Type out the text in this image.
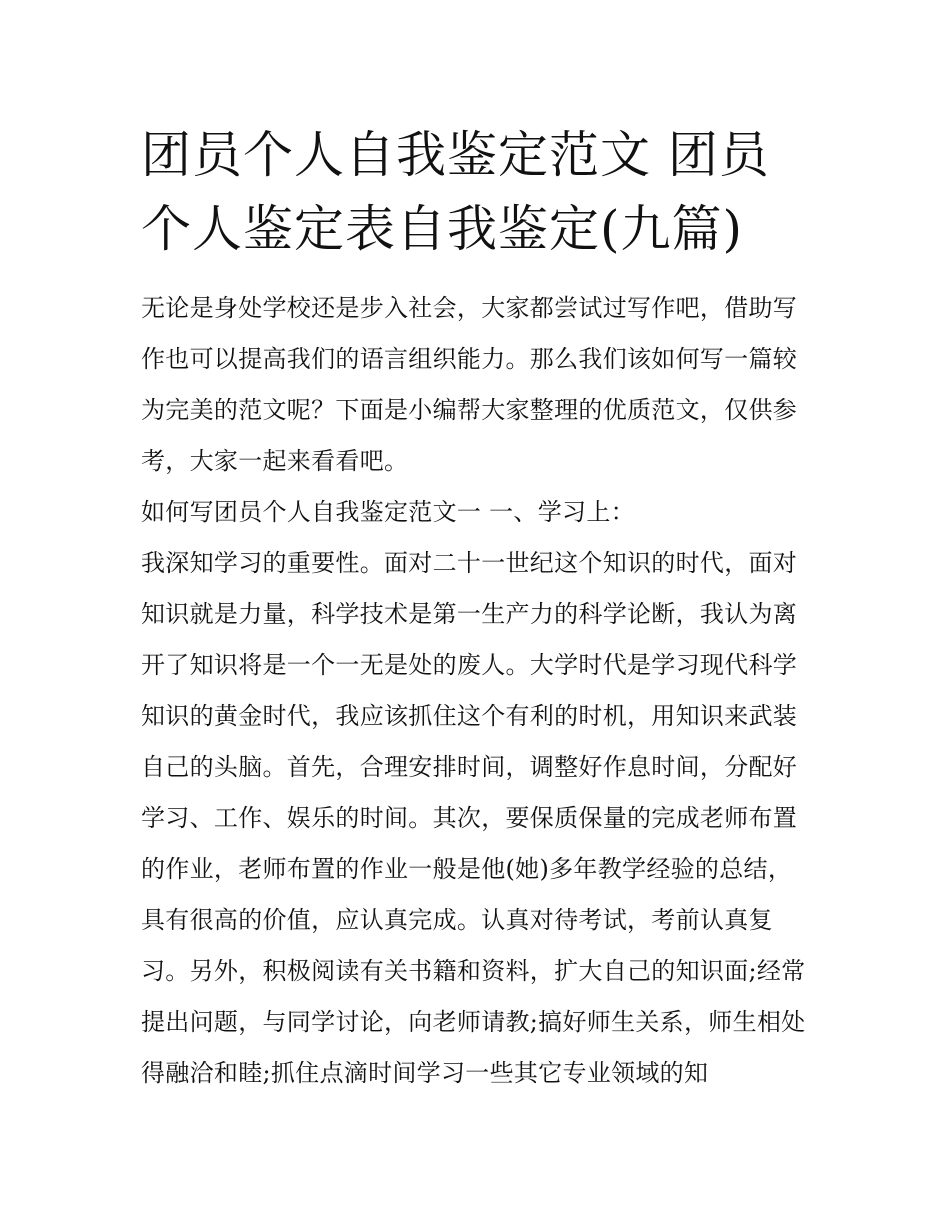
团员个人自我鉴定范文 团员个人鉴定表自我鉴定(九篇)

无论是身处学校还是步入社会，大家都尝试过写作吧，借助写作也可以提高我们的语言组织能力。那么我们该如何写一篇较为完美的范文呢？下面是小编帮大家整理的优质范文，仅供参考，大家一起来看看吧。

如何写团员个人自我鉴定范文一 一、学习上：

我深知学习的重要性。面对二十一世纪这个知识的时代，面对知识就是力量，科学技术是第一生产力的科学论断，我认为离开了知识将是一个一无是处的废人。大学时代是学习现代科学知识的黄金时代，我应该抓住这个有利的时机，用知识来武装自己的头脑。首先，合理安排时间，调整好作息时间，分配好学习、工作、娱乐的时间。其次，要保质保量的完成老师布置的作业，老师布置的作业一般是他(她)多年教学经验的总结，具有很高的价值，应认真完成。认真对待考试，考前认真复习。另外，积极阅读有关书籍和资料，扩大自己的知识面;经常提出问题，与同学讨论，向老师请教;搞好师生关系，师生相处得融洽和睦;抓住点滴时间学习一些其它专业领域的知
